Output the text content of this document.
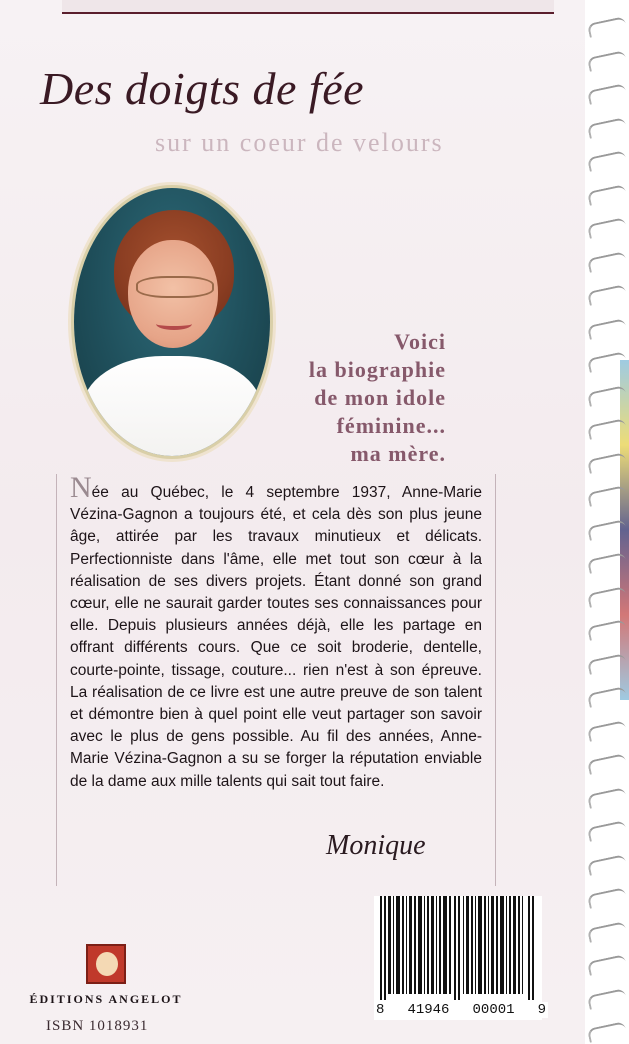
Des doigts de fée
sur un coeur de velours
Voici
la biographie
de mon idole
féminine...
ma mère.

Née au Québec, le 4 septembre 1937, Anne-Marie Vézina-Gagnon a toujours été, et cela dès son plus jeune âge, attirée par les travaux minutieux et délicats. Perfectionniste dans l'âme, elle met tout son cœur à la réalisation de ses divers projets. Étant donné son grand cœur, elle ne saurait garder toutes ses connaissances pour elle. Depuis plusieurs années déjà, elle les partage en offrant différents cours. Que ce soit broderie, dentelle, courte-pointe, tissage, couture... rien n'est à son épreuve. La réalisation de ce livre est une autre preuve de son talent et démontre bien à quel point elle veut partager son savoir avec le plus de gens possible. Au fil des années, Anne-Marie Vézina-Gagnon a su se forger la réputation enviable de la dame aux mille talents qui sait tout faire.

Monique
ÉDITIONS ANGELOT
ISBN 1018931
8 41946 00001 9
